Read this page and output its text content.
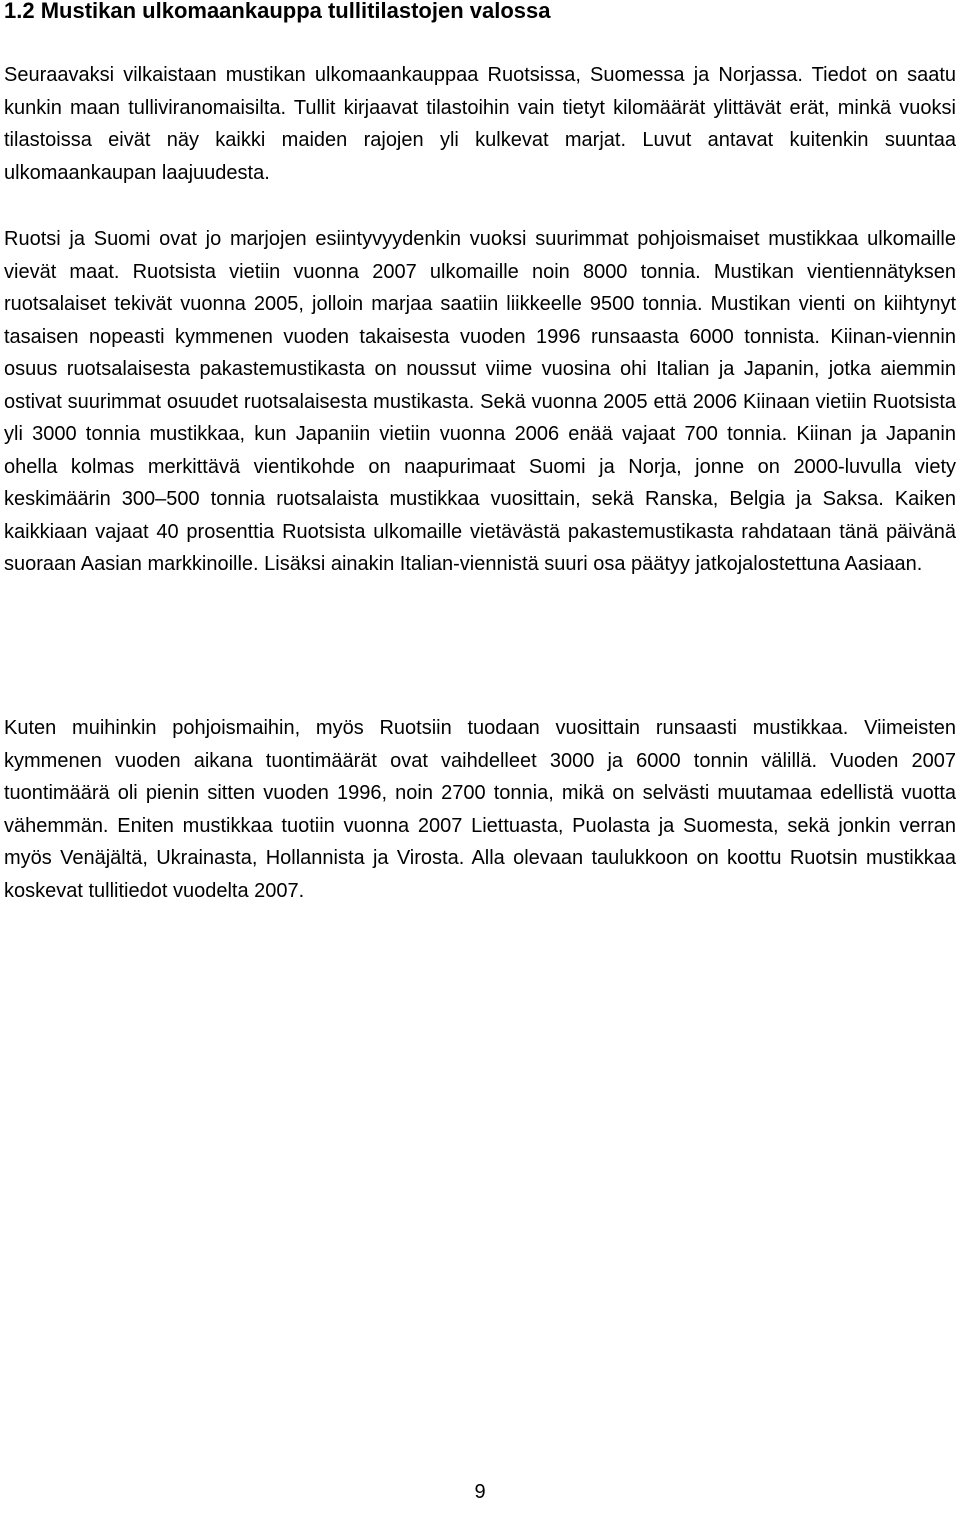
1.2 Mustikan ulkomaankauppa tullitilastojen valossa

Seuraavaksi vilkaistaan mustikan ulkomaankauppaa Ruotsissa, Suomessa ja Norjassa. Tiedot on saatu kunkin maan tulliviranomaisilta. Tullit kirjaavat tilastoihin vain tietyt kilomäärät ylittävät erät, minkä vuoksi tilastoissa eivät näy kaikki maiden rajojen yli kulkevat marjat. Luvut antavat kuitenkin suuntaa ulkomaankaupan laajuudesta.

Ruotsi ja Suomi ovat jo marjojen esiintyvyydenkin vuoksi suurimmat pohjoismaiset mustikkaa ulkomaille vievät maat. Ruotsista vietiin vuonna 2007 ulkomaille noin 8000 tonnia. Mustikan vientiennätyksen ruotsalaiset tekivät vuonna 2005, jolloin marjaa saatiin liikkeelle 9500 tonnia. Mustikan vienti on kiihtynyt tasaisen nopeasti kymmenen vuoden takaisesta vuoden 1996 runsaasta 6000 tonnista. Kiinan-viennin osuus ruotsalaisesta pakastemustikasta on noussut viime vuosina ohi Italian ja Japanin, jotka aiemmin ostivat suurimmat osuudet ruotsalaisesta mustikasta. Sekä vuonna 2005 että 2006 Kiinaan vietiin Ruotsista yli 3000 tonnia mustikkaa, kun Japaniin vietiin vuonna 2006 enää vajaat 700 tonnia. Kiinan ja Japanin ohella kolmas merkittävä vientikohde on naapurimaat Suomi ja Norja, jonne on 2000-luvulla viety keskimäärin 300–500 tonnia ruotsalaista mustikkaa vuosittain, sekä Ranska, Belgia ja Saksa. Kaiken kaikkiaan vajaat 40 prosenttia Ruotsista ulkomaille vietävästä pakastemustikasta rahdataan tänä päivänä suoraan Aasian markkinoille. Lisäksi ainakin Italian-viennistä suuri osa päätyy jatkojalostettuna Aasiaan.

Kuten muihinkin pohjoismaihin, myös Ruotsiin tuodaan vuosittain runsaasti mustikkaa. Viimeisten kymmenen vuoden aikana tuontimäärät ovat vaihdelleet 3000 ja 6000 tonnin välillä. Vuoden 2007 tuontimäärä oli pienin sitten vuoden 1996, noin 2700 tonnia, mikä on selvästi muutamaa edellistä vuotta vähemmän. Eniten mustikkaa tuotiin vuonna 2007 Liettuasta, Puolasta ja Suomesta, sekä jonkin verran myös Venäjältä, Ukrainasta, Hollannista ja Virosta. Alla olevaan taulukkoon on koottu Ruotsin mustikkaa koskevat tullitiedot vuodelta 2007.

9
